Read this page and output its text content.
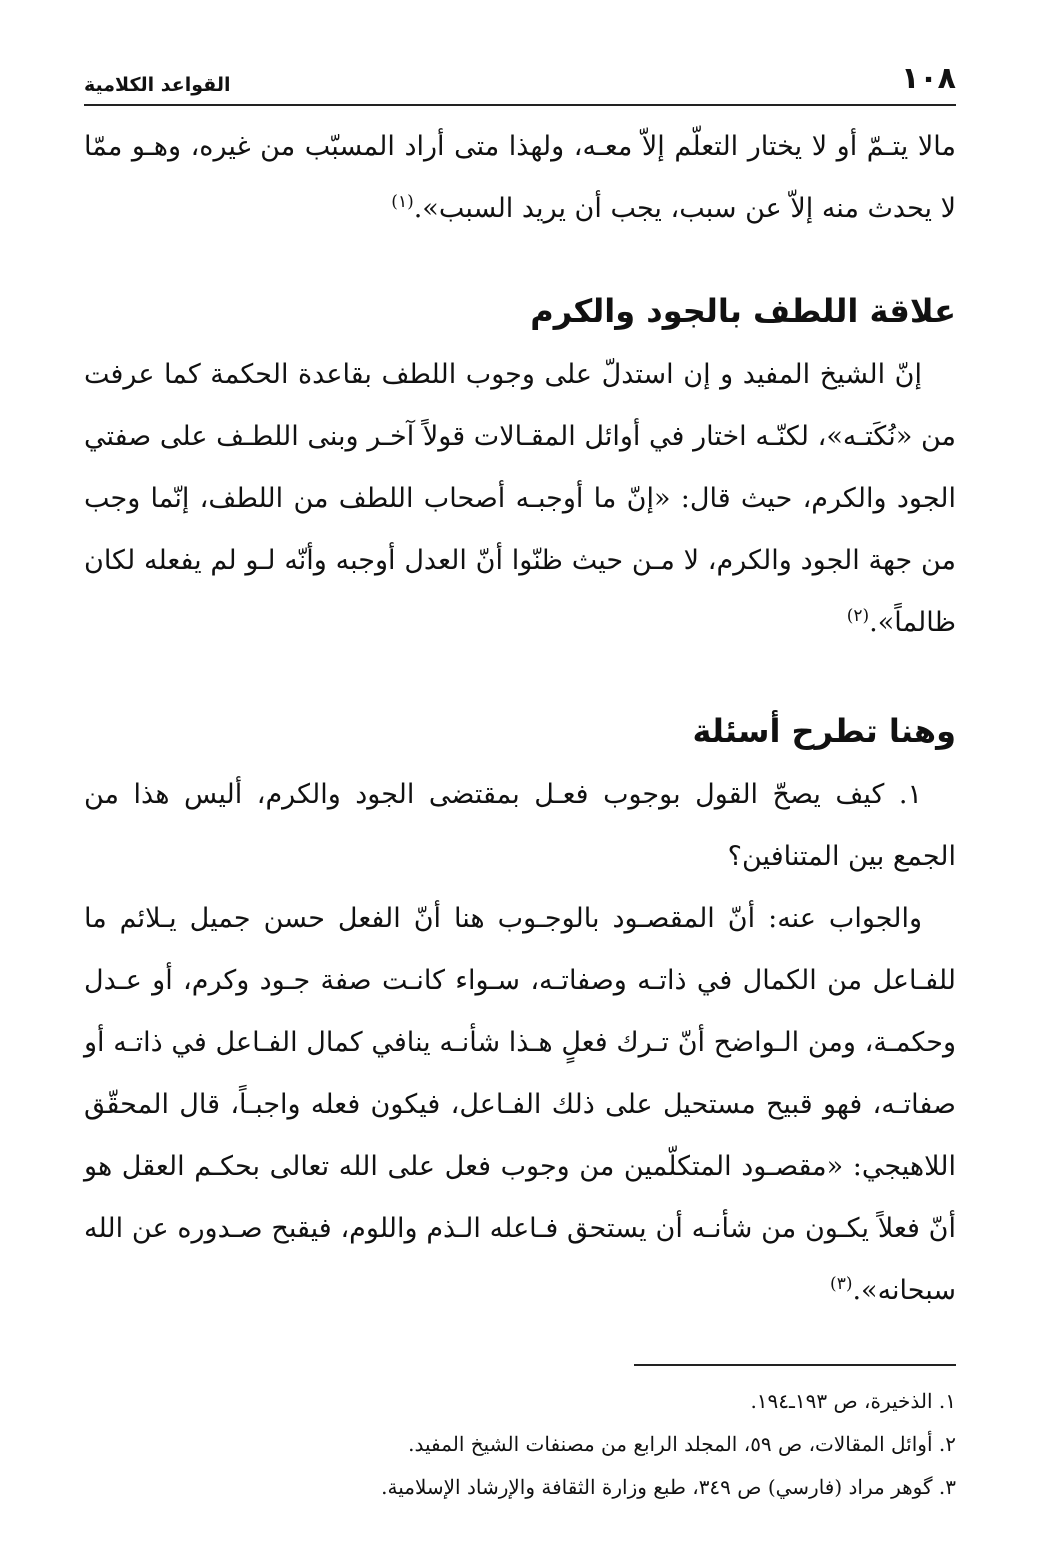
١٠٨
القواعد الكلامية

مالا يتـمّ أو لا يختار التعلّم إلاّ معـه، ولهذا متى أراد المسبّب من غيره، وهـو ممّا لا يحدث منه إلاّ عن سبب، يجب أن يريد السبب».$^{(١)}$

علاقة اللطف بالجود والكرم

إنّ الشيخ المفيد و إن استدلّ على وجوب اللطف بقاعدة الحكمة كما عرفت من «نُكَتـه»، لكنّـه اختار في أوائل المقـالات قولاً آخـر وبنى اللطـف على صفتي الجود والكرم، حيث قال: «إنّ ما أوجبـه أصحاب اللطف من اللطف، إنّما وجب من جهة الجود والكرم، لا مـن حيث ظنّوا أنّ العدل أوجبه وأنّه لـو لم يفعله لكان ظالماً».$^{(٢)}$

وهنا تطرح أسئلة

١. كيف يصحّ القول بوجوب فعـل بمقتضى الجود والكرم، أليس هذا من الجمع بين المتنافين؟

والجواب عنه: أنّ المقصـود بالوجـوب هنا أنّ الفعل حسن جميل يـلائم ما للفـاعل من الكمال في ذاتـه وصفاتـه، سـواء كانـت صفة جـود وكرم، أو عـدل وحكمـة، ومن الـواضح أنّ تـرك فعلٍ هـذا شأنـه ينافي كمال الفـاعل في ذاتـه أو صفاتـه، فهو قبيح مستحيل على ذلك الفـاعل، فيكون فعله واجبـاً، قال المحقّق اللاهيجي: «مقصـود المتكلّمين من وجوب فعل على الله تعالى بحكـم العقل هو أنّ فعلاً يكـون من شأنـه أن يستحق فـاعله الـذم واللوم، فيقبح صـدوره عن الله سبحانه».$^{(٣)}$

١. الذخيرة، ص ١٩٣ـ١٩٤.

٢. أوائل المقالات، ص ٥٩، المجلد الرابع من مصنفات الشيخ المفيد.

٣. گوهر مراد (فارسي) ص ٣٤٩، طبع وزارة الثقافة والإرشاد الإسلامية.
